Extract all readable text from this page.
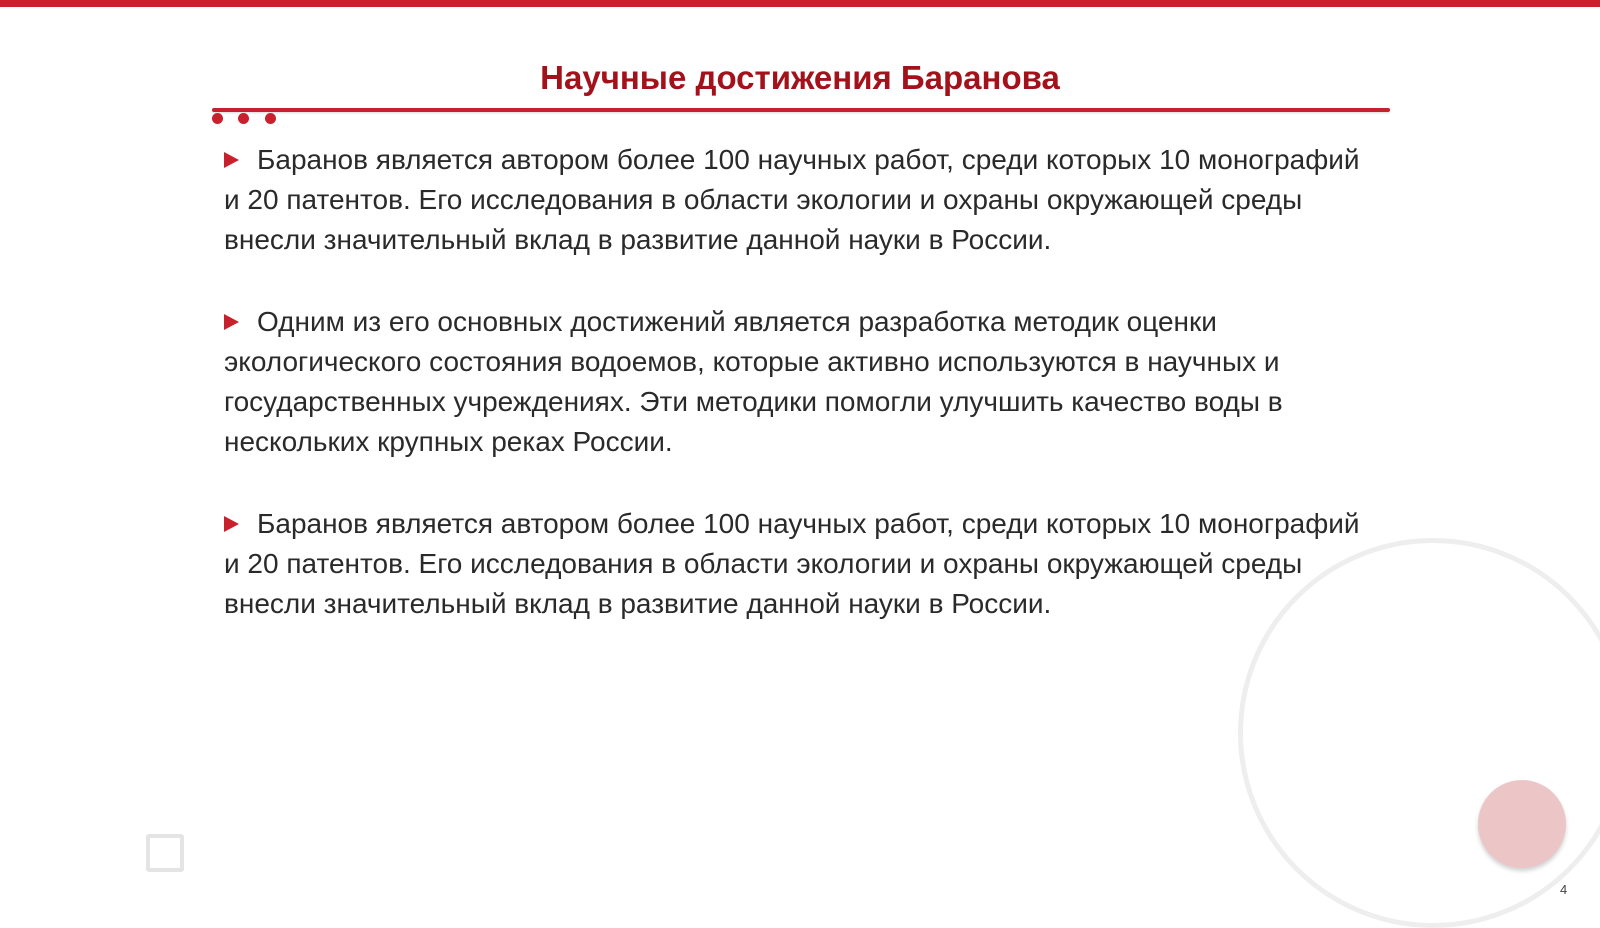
Научные достижения Баранова

Баранов является автором более 100 научных работ, среди которых 10 монографий и 20 патентов. Его исследования в области экологии и охраны окружающей среды внесли значительный вклад в развитие данной науки в России.

Одним из его основных достижений является разработка методик оценки экологического состояния водоемов, которые активно используются в научных и государственных учреждениях. Эти методики помогли улучшить качество воды в нескольких крупных реках России.

Баранов является автором более 100 научных работ, среди которых 10 монографий и 20 патентов. Его исследования в области экологии и охраны окружающей среды внесли значительный вклад в развитие данной науки в России.

4
